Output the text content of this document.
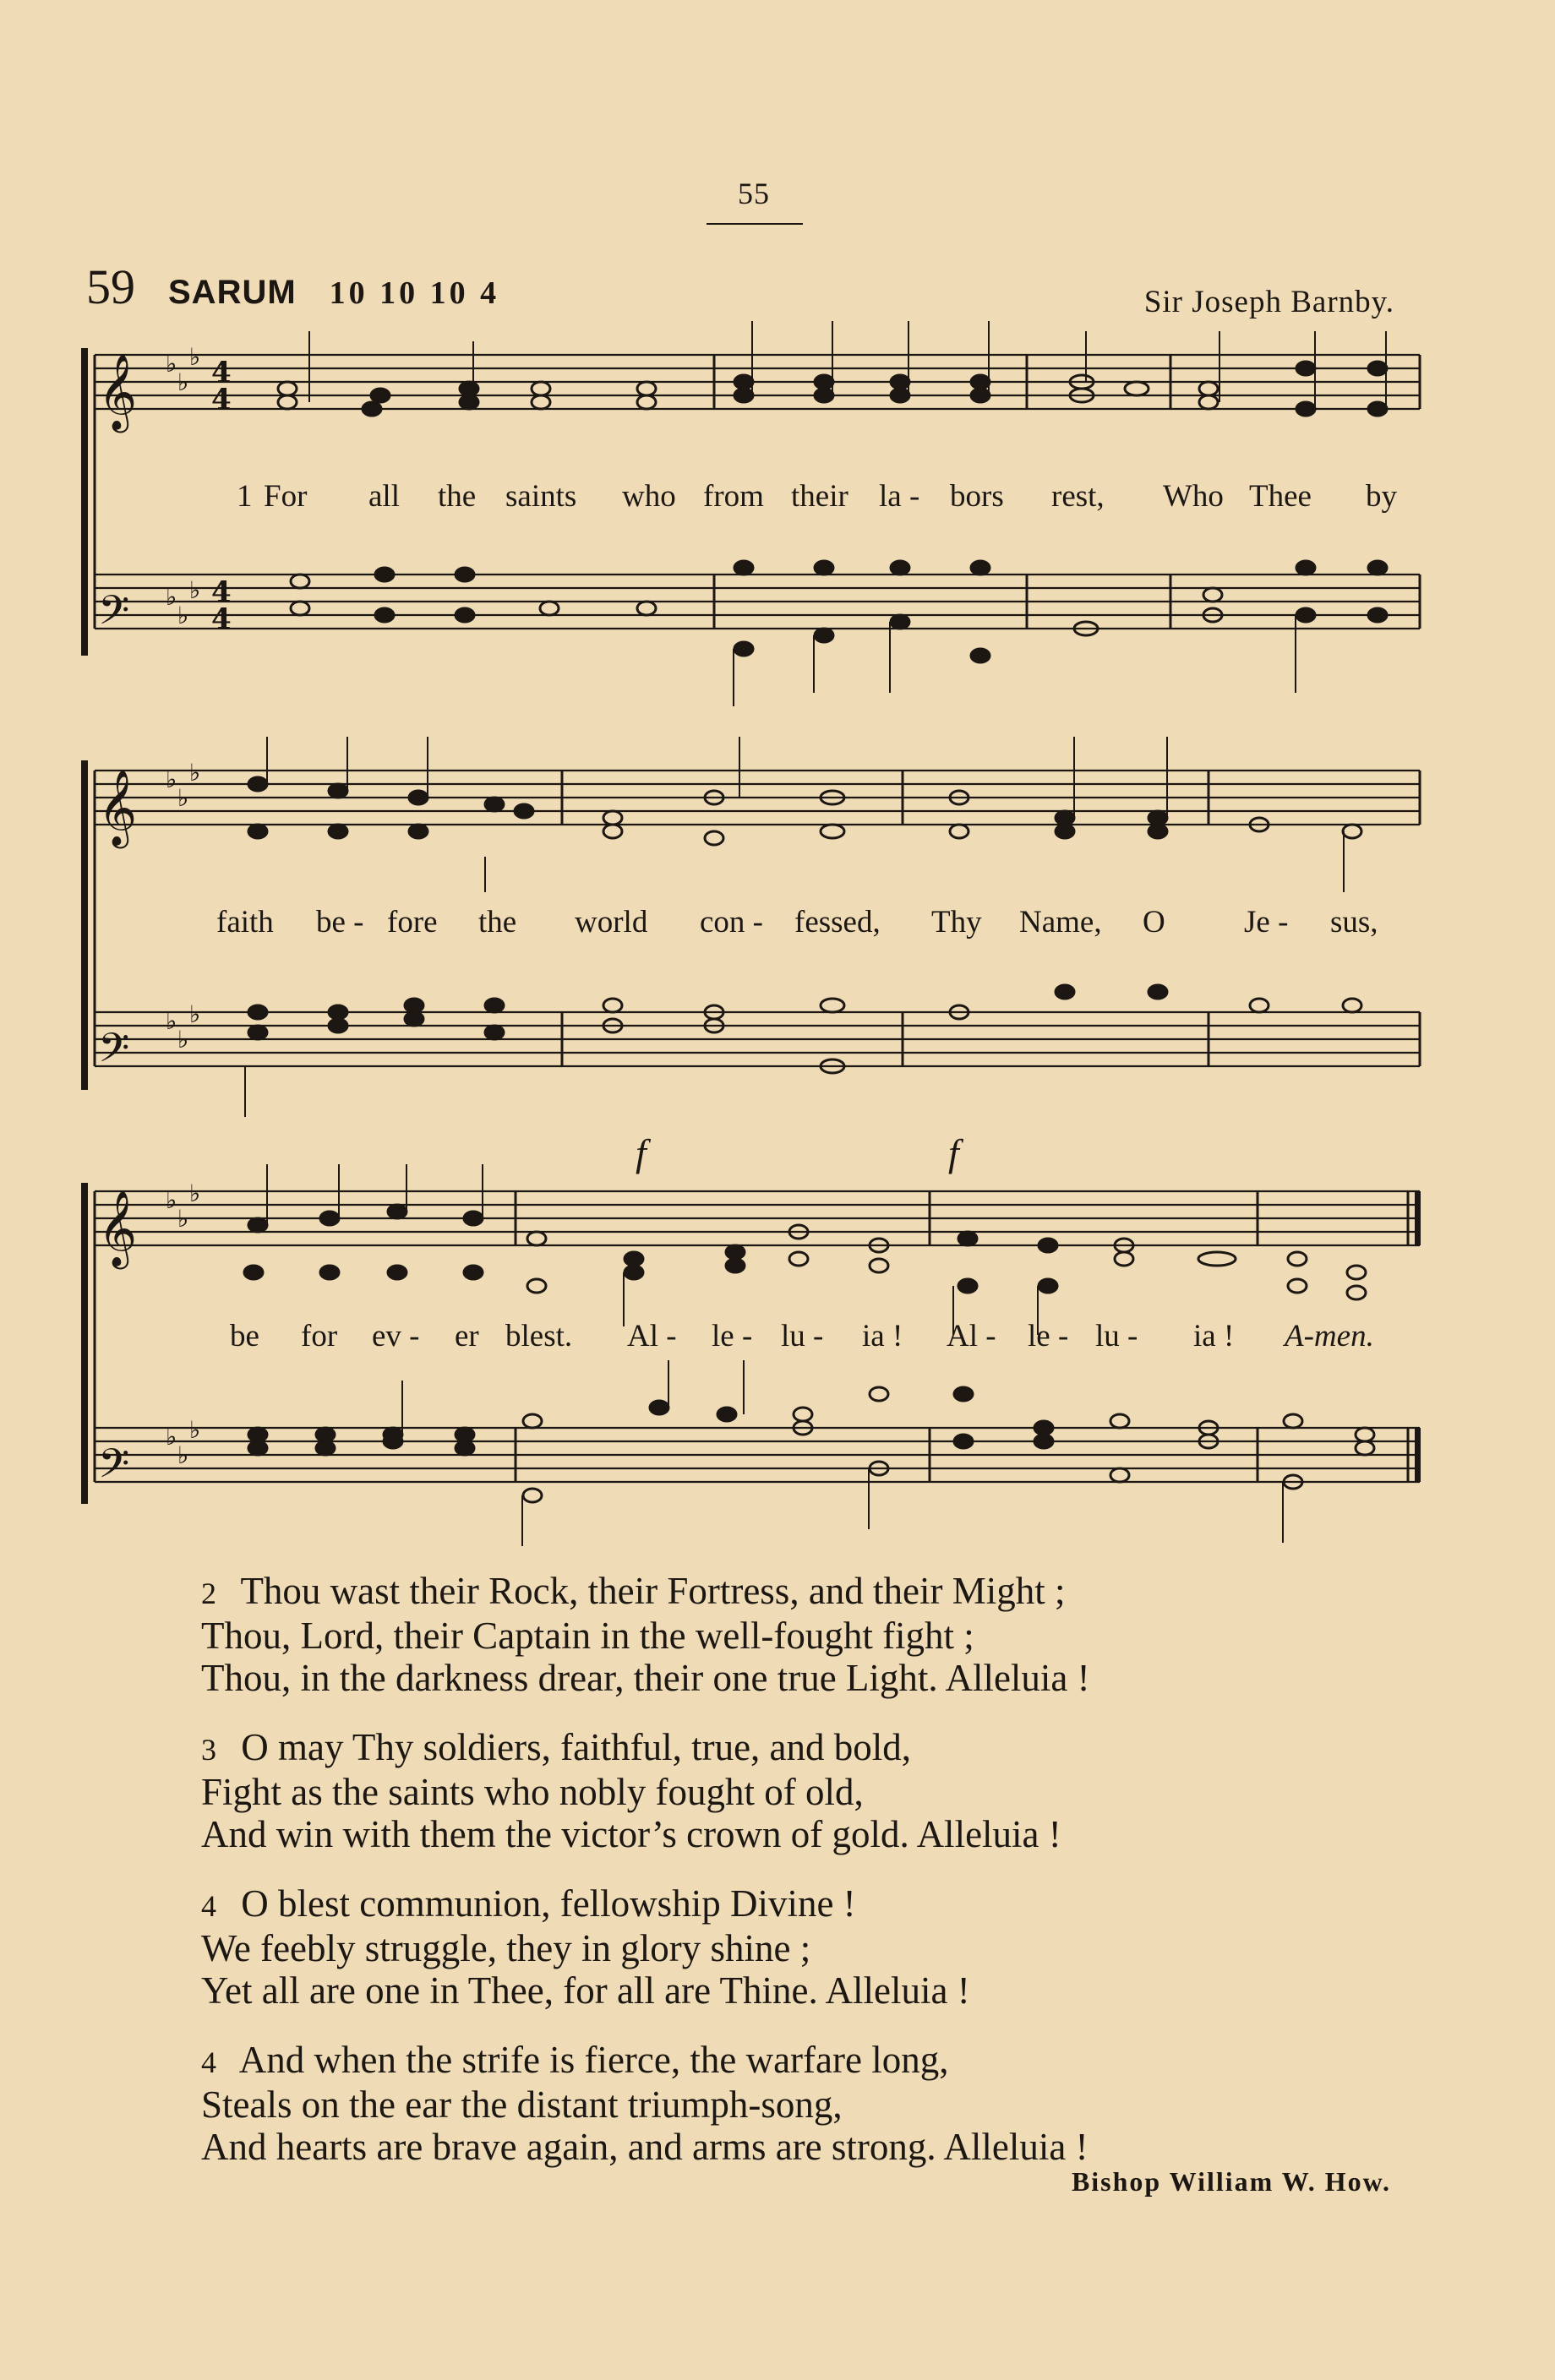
55
59 SARUM 10 10 10 4	Sir Joseph Barnby.
𝄞
𝄢
𝄞
𝄢
𝄞
𝄢
♭
♭
♭
♭
♭
♭
♭
♭
♭
♭
♭
♭
♭
♭
♭
♭
♭
♭
4
4
4
4
f	f
1 For all the saints who from their la - bors rest, Who Thee by
faith be - fore the world con - fessed, Thy Name, O	Je - sus,
be for ev - er blest. Al - le - lu - ia ! Al - le - lu - ia ! A-men.
2 Thou wast their Rock, their Fortress, and their Might ;
Thou, Lord, their Captain in the well-fought fight ;
Thou, in the darkness drear, their one true Light. Alleluia !
3 O may Thy soldiers, faithful, true, and bold,
Fight as the saints who nobly fought of old,
And win with them the victor’s crown of gold. Alleluia !
4 O blest communion, fellowship Divine !
We feebly struggle, they in glory shine ;
Yet all are one in Thee, for all are Thine. Alleluia !
4 And when the strife is fierce, the warfare long,
Steals on the ear the distant triumph-song,
And hearts are brave again, and arms are strong. Alleluia !
Bishop William W. How.
